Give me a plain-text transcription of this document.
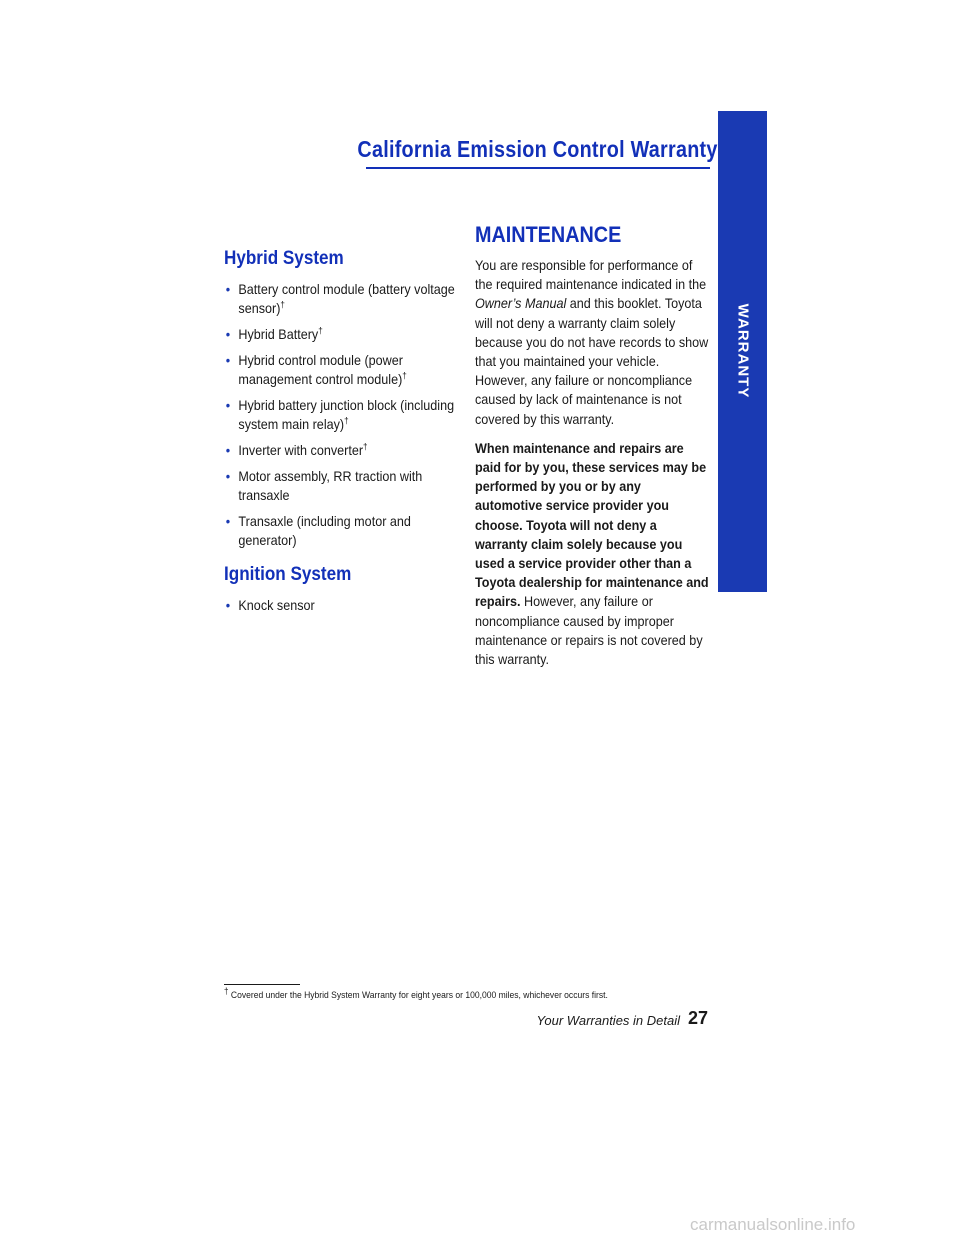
California Emission Control Warranty
WARRANTY
Hybrid System
• Battery control module (battery voltage sensor)†
• Hybrid Battery†
• Hybrid control module (power management control module)†
• Hybrid battery junction block (including system main relay)†
• Inverter with converter†
• Motor assembly, RR traction with transaxle
• Transaxle (including motor and generator)
Ignition System
• Knock sensor
MAINTENANCE

You are responsible for performance of the required maintenance indicated in the Owner’s Manual and this booklet. Toyota will not deny a warranty claim solely because you do not have records to show that you maintained your vehicle. However, any failure or noncompliance caused by lack of maintenance is not covered by this warranty.

When maintenance and repairs are paid for by you, these services may be performed by you or by any automotive service provider you choose. Toyota will not deny a warranty claim solely because you used a service provider other than a Toyota dealership for maintenance and repairs. However, any failure or noncompliance caused by improper maintenance or repairs is not covered by this warranty.

† Covered under the Hybrid System Warranty for eight years or 100,000 miles, whichever occurs first.
Your Warranties in Detail 27
carmanualsonline.info
